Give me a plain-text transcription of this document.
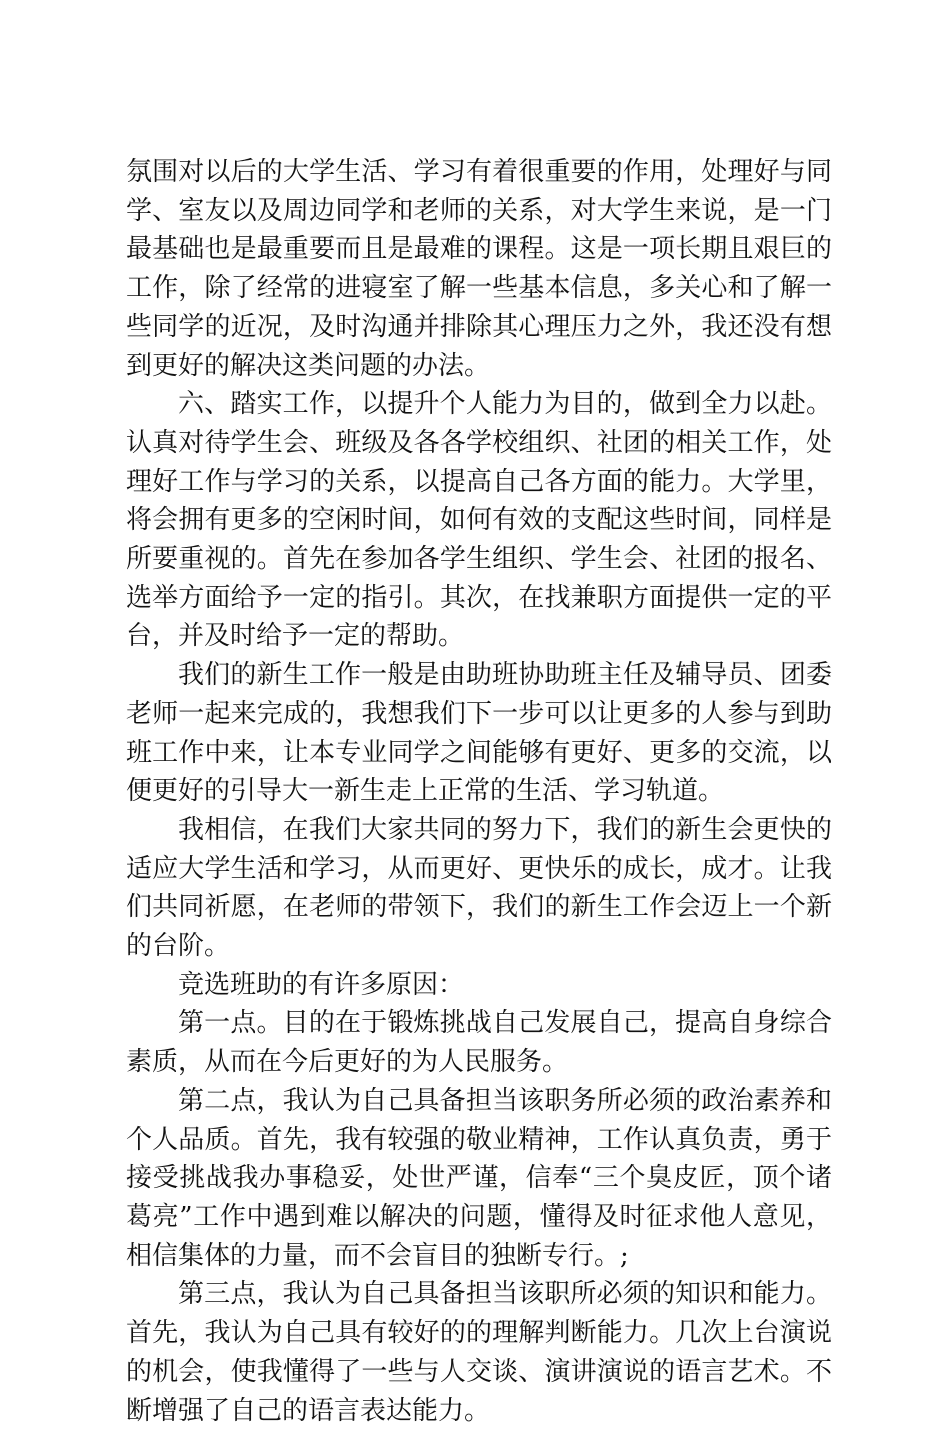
氛围对以后的大学生活、学习有着很重要的作用，处理好与同学、室友以及周边同学和老师的关系，对大学生来说，是一门最基础也是最重要而且是最难的课程。这是一项长期且艰巨的工作，除了经常的进寝室了解一些基本信息，多关心和了解一些同学的近况，及时沟通并排除其心理压力之外，我还没有想到更好的解决这类问题的办法。

六、踏实工作，以提升个人能力为目的，做到全力以赴。认真对待学生会、班级及各各学校组织、社团的相关工作，处理好工作与学习的关系，以提高自己各方面的能力。大学里，将会拥有更多的空闲时间，如何有效的支配这些时间，同样是所要重视的。首先在参加各学生组织、学生会、社团的报名、选举方面给予一定的指引。其次，在找兼职方面提供一定的平台，并及时给予一定的帮助。

我们的新生工作一般是由助班协助班主任及辅导员、团委老师一起来完成的，我想我们下一步可以让更多的人参与到助班工作中来，让本专业同学之间能够有更好、更多的交流，以便更好的引导大一新生走上正常的生活、学习轨道。

我相信，在我们大家共同的努力下，我们的新生会更快的适应大学生活和学习，从而更好、更快乐的成长，成才。让我们共同祈愿，在老师的带领下，我们的新生工作会迈上一个新的台阶。

竞选班助的有许多原因：

第一点。目的在于锻炼挑战自己发展自己，提高自身综合素质，从而在今后更好的为人民服务。

第二点，我认为自己具备担当该职务所必须的政治素养和个人品质。首先，我有较强的敬业精神，工作认真负责，勇于接受挑战我办事稳妥，处世严谨，信奉“三个臭皮匠，顶个诸葛亮”工作中遇到难以解决的问题，懂得及时征求他人意见，相信集体的力量，而不会盲目的独断专行。;

第三点，我认为自己具备担当该职所必须的知识和能力。首先，我认为自己具有较好的的理解判断能力。几次上台演说的机会，使我懂得了一些与人交谈、演讲演说的语言艺术。不断增强了自己的语言表达能力。
